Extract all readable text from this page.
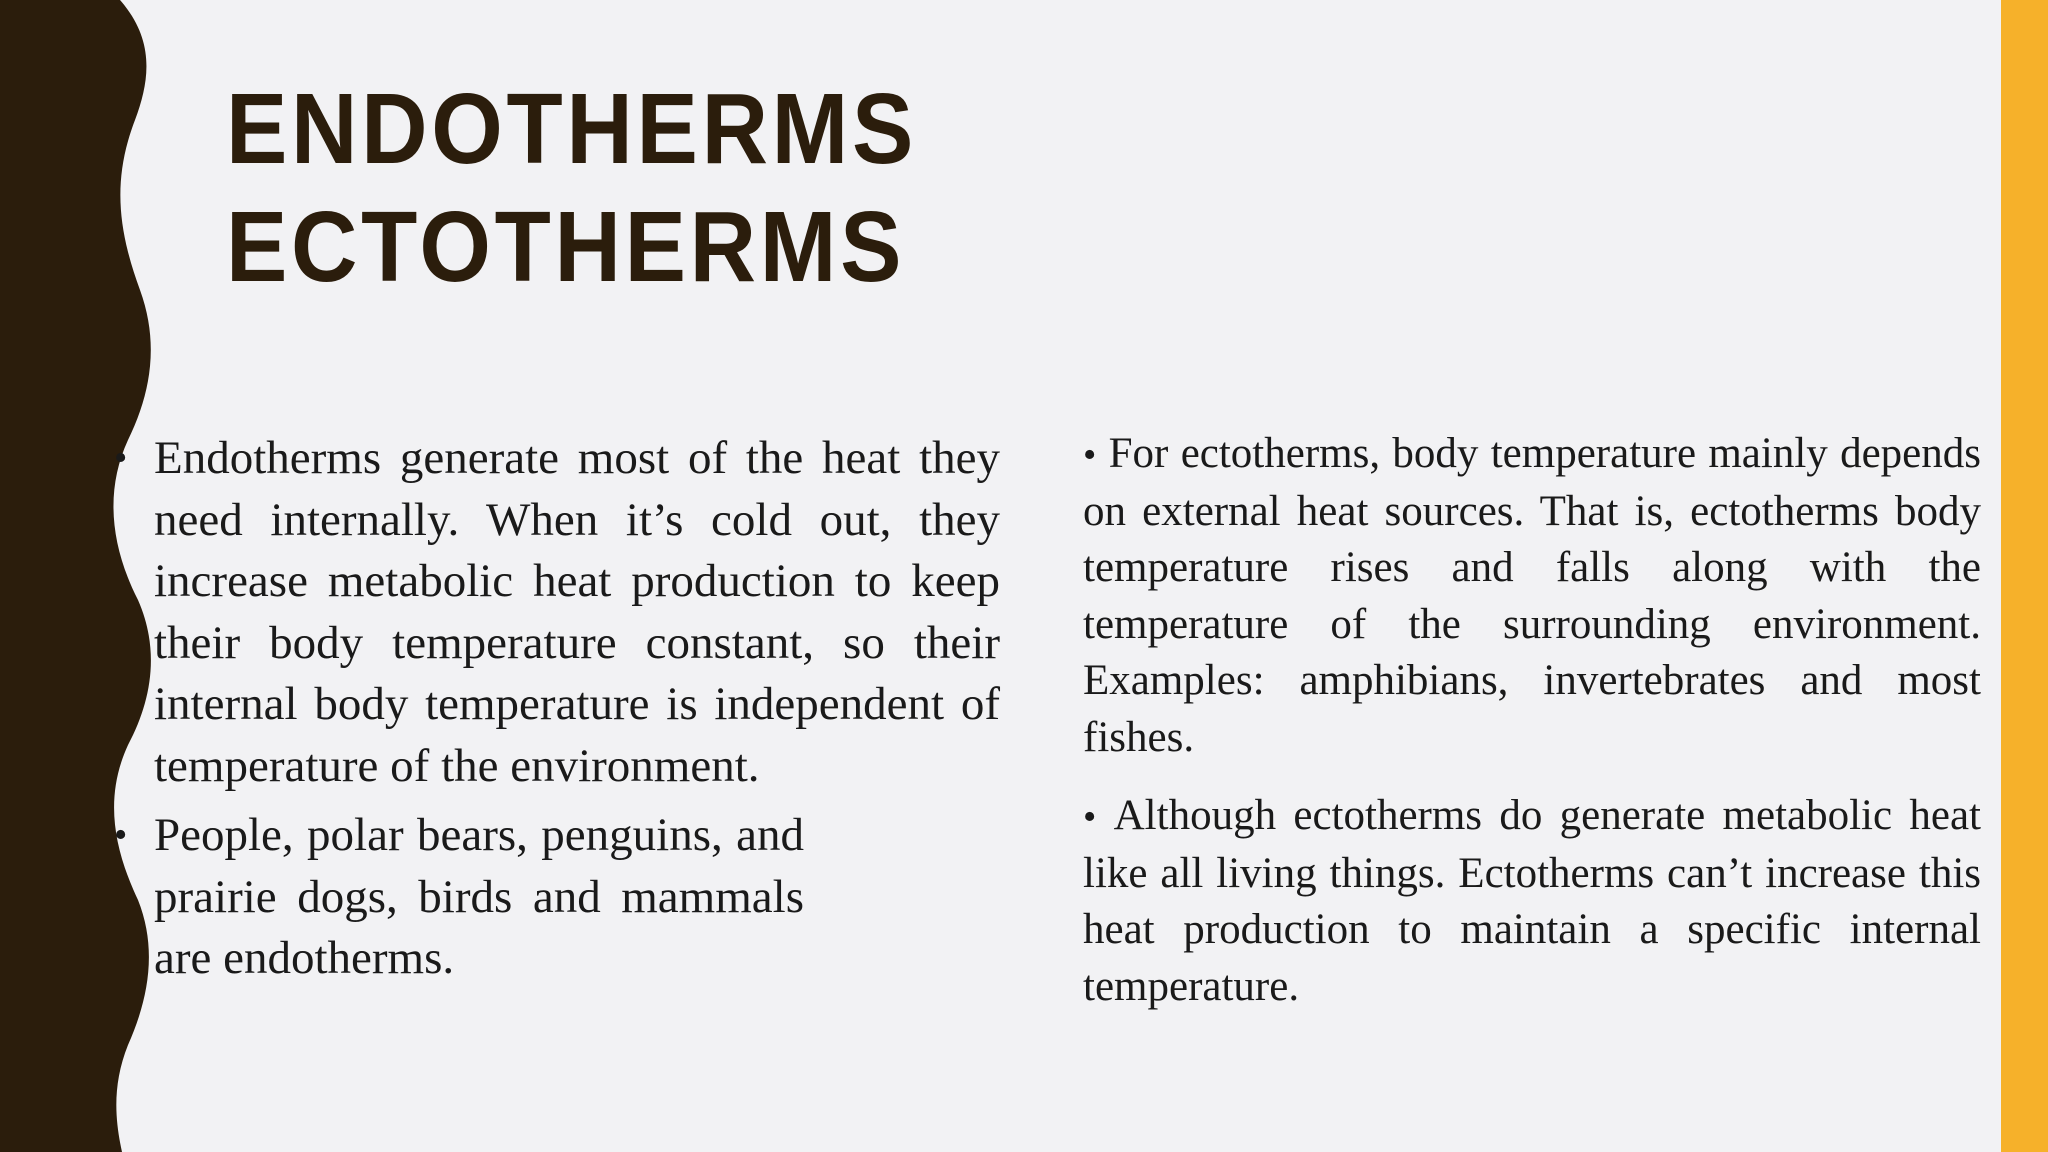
ENDOTHERMS
ECTOTHERMS

• Endotherms generate most of the heat they need internally. When it’s cold out, they increase metabolic heat production to keep their body temperature constant, so their internal body temperature is independent of temperature of the environment.

• People, polar bears, penguins, and prairie dogs, birds and mammals are endotherms.

• For ectotherms, body temperature mainly depends on external heat sources. That is, ectotherms body temperature rises and falls along with the temperature of the surrounding environment. Examples: amphibians, invertebrates and most fishes.

• Although ectotherms do generate metabolic heat like all living things. Ectotherms can’t increase this heat production to maintain a specific internal temperature.
